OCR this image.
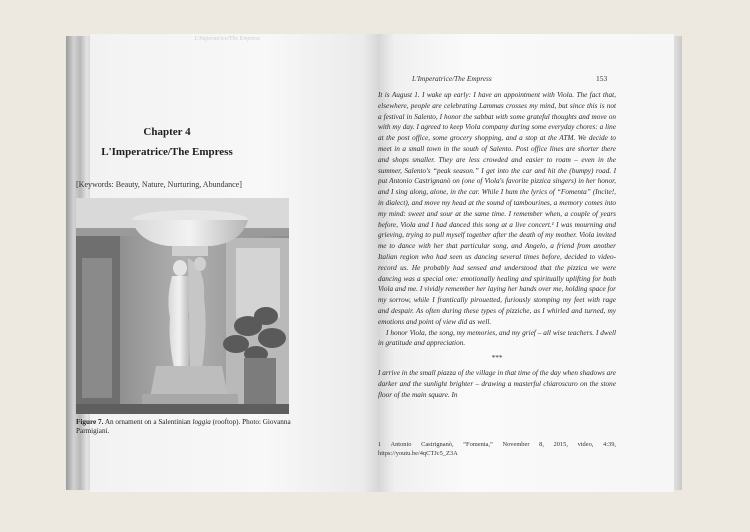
L'Imperatrice/The Empress
Chapter 4
L'Imperatrice/The Empress
[Keywords: Beauty, Nature, Nurturing, Abundance]
Figure 7. An ornament on a Salentinian loggia (rooftop). Photo: Giovanna Parmigiani.
L'Imperatrice/The Empress	153

It is August 1. I wake up early: I have an appointment with Viola. The fact that, elsewhere, people are celebrating Lammas crosses my mind, but since this is not a festival in Salento, I honor the sabbat with some grateful thoughts and move on with my day. I agreed to keep Viola company during some everyday chores: a line at the post office, some grocery shopping, and a stop at the ATM. We decide to meet in a small town in the south of Salento. Post office lines are shorter there and shops smaller. They are less crowded and easier to roam – even in the summer, Salento's “peak season.” I get into the car and hit the (bumpy) road. I put Antonio Castrignanò on (one of Viola's favorite pizzica singers) in her honor, and I sing along, alone, in the car. While I hum the lyrics of “Fomenta” (Incite!, in dialect), and move my head at the sound of tambourines, a memory comes into my mind: sweet and sour at the same time. I remember when, a couple of years before, Viola and I had danced this song at a live concert.¹ I was mourning and grieving, trying to pull myself together after the death of my mother. Viola invited me to dance with her that particular song, and Angelo, a friend from another Italian region who had seen us dancing several times before, decided to video-record us. He probably had sensed and understood that the pizzica we were dancing was a special one: emotionally healing and spiritually uplifting for both Viola and me. I vividly remember her laying her hands over me, holding space for my sorrow, while I frantically pirouetted, furiously stomping my feet with rage and despair. As often during these types of pizziche, as I whirled and turned, my emotions and point of view did as well.

I honor Viola, the song, my memories, and my grief – all wise teachers. I dwell in gratitude and appreciation.

***

I arrive in the small piazza of the village in that time of the day when shadows are darker and the sunlight brighter – drawing a masterful chiaroscuro on the stone floor of the main square. In

1 Antonio Castrignanò, “Fomenta,” November 8, 2015, video, 4:39, https://youtu.be/4qCTJc5_Z3A
